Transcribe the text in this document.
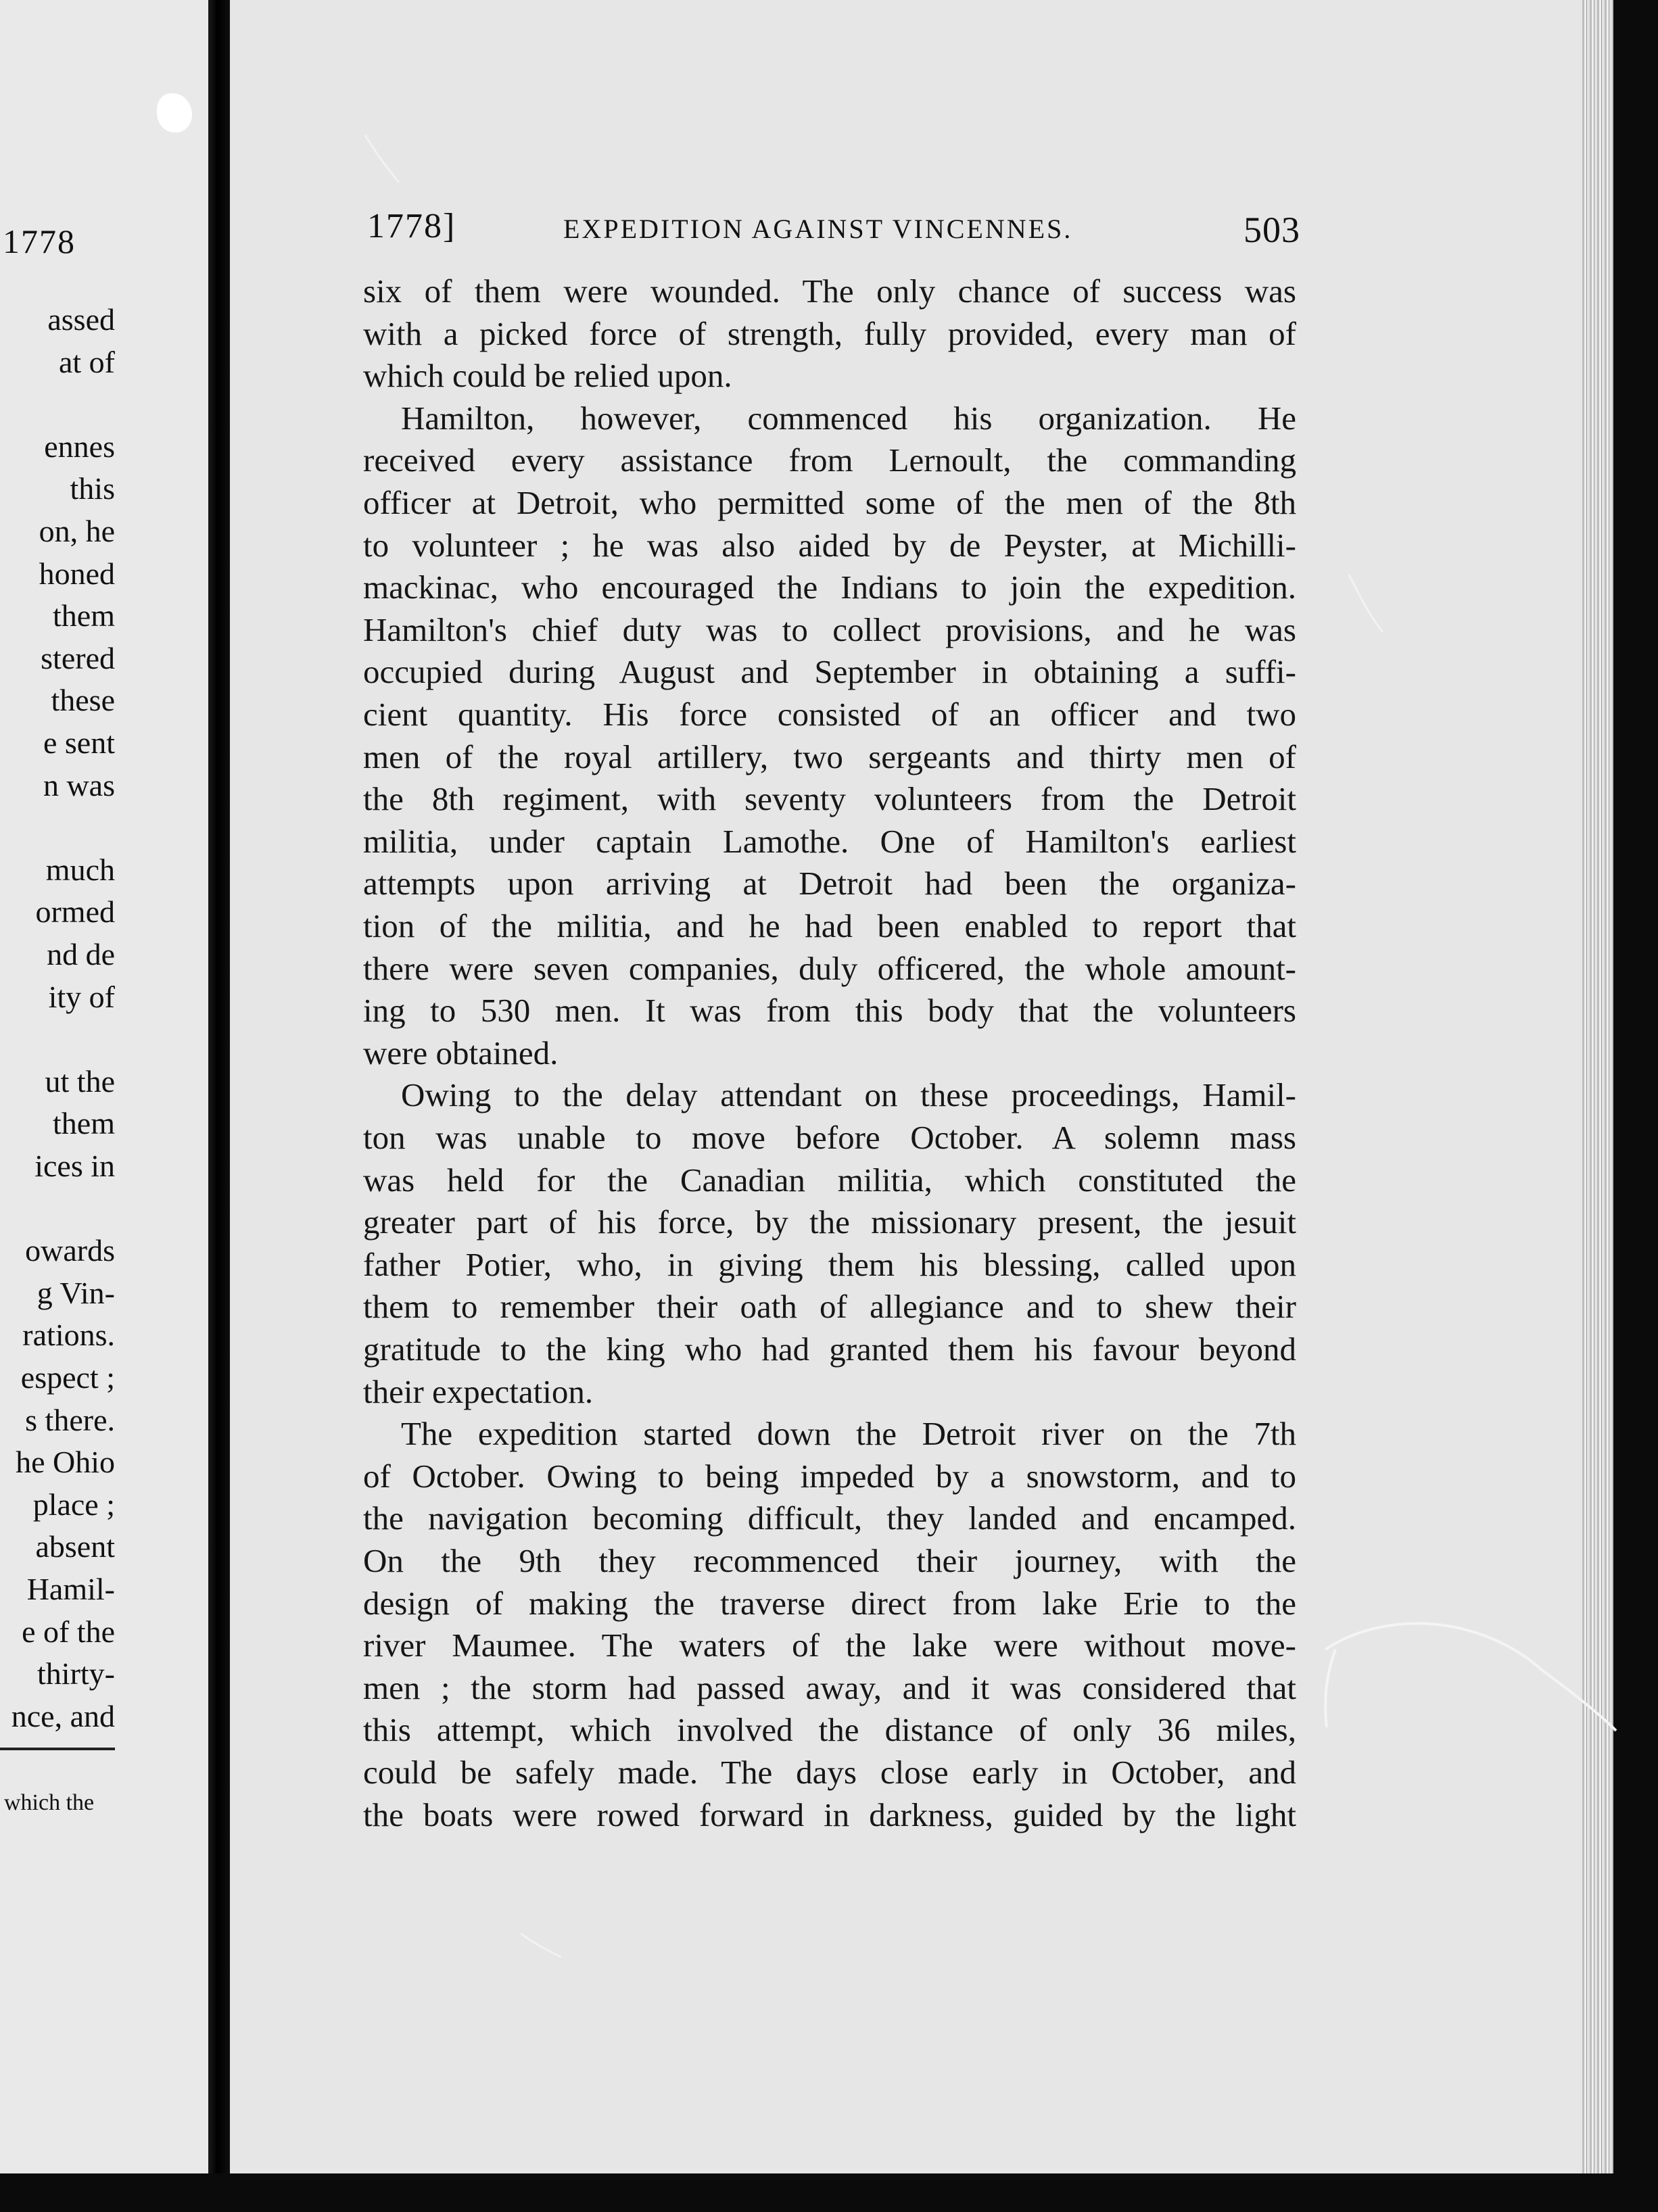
1778
assed
at of
ennes
this
on, he
honed
them
stered
these
e sent
n was
much
ormed
nd de
ity of
ut the
them
ices in
owards
g Vin-
rations.
espect ;
s there.
he Ohio
place ;
absent
Hamil-
e of the
thirty-
nce, and
which the
1778]	EXPEDITION AGAINST VINCENNES.	503
six of them were wounded. The only chance of success was
with a picked force of strength, fully provided, every man of
which could be relied upon.
Hamilton, however, commenced his organization. He
received every assistance from Lernoult, the commanding
officer at Detroit, who permitted some of the men of the 8th
to volunteer ; he was also aided by de Peyster, at Michilli-
mackinac, who encouraged the Indians to join the expedition.
Hamilton's chief duty was to collect provisions, and he was
occupied during August and September in obtaining a suffi-
cient quantity. His force consisted of an officer and two
men of the royal artillery, two sergeants and thirty men of
the 8th regiment, with seventy volunteers from the Detroit
militia, under captain Lamothe. One of Hamilton's earliest
attempts upon arriving at Detroit had been the organiza-
tion of the militia, and he had been enabled to report that
there were seven companies, duly officered, the whole amount-
ing to 530 men. It was from this body that the volunteers
were obtained.
Owing to the delay attendant on these proceedings, Hamil-
ton was unable to move before October. A solemn mass
was held for the Canadian militia, which constituted the
greater part of his force, by the missionary present, the jesuit
father Potier, who, in giving them his blessing, called upon
them to remember their oath of allegiance and to shew their
gratitude to the king who had granted them his favour beyond
their expectation.
The expedition started down the Detroit river on the 7th
of October. Owing to being impeded by a snowstorm, and to
the navigation becoming difficult, they landed and encamped.
On the 9th they recommenced their journey, with the
design of making the traverse direct from lake Erie to the
river Maumee. The waters of the lake were without move-
men ; the storm had passed away, and it was considered that
this attempt, which involved the distance of only 36 miles,
could be safely made. The days close early in October, and
the boats were rowed forward in darkness, guided by the light
